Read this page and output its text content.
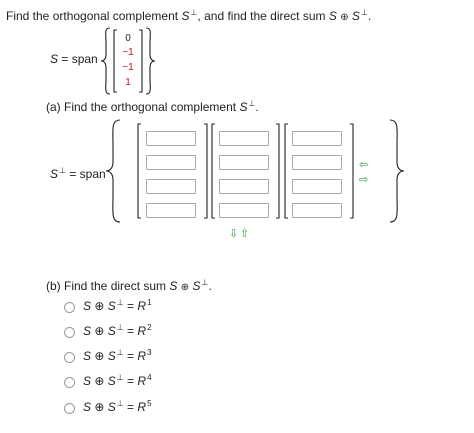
Find the orthogonal complement S⊥, and find the direct sum S ⊕ S⊥.
S = span
0
−1
−1
1
(a) Find the orthogonal complement S⊥.
S⊥ = span
⇦
⇨
⇩ ⇧
(b) Find the direct sum S ⊕ S⊥.
S ⊕ $S^\perp = R^1$
S ⊕ $S^\perp = R^2$
S ⊕ $S^\perp = R^3$
S ⊕ $S^\perp = R^4$
S ⊕ $S^\perp = R^5$
